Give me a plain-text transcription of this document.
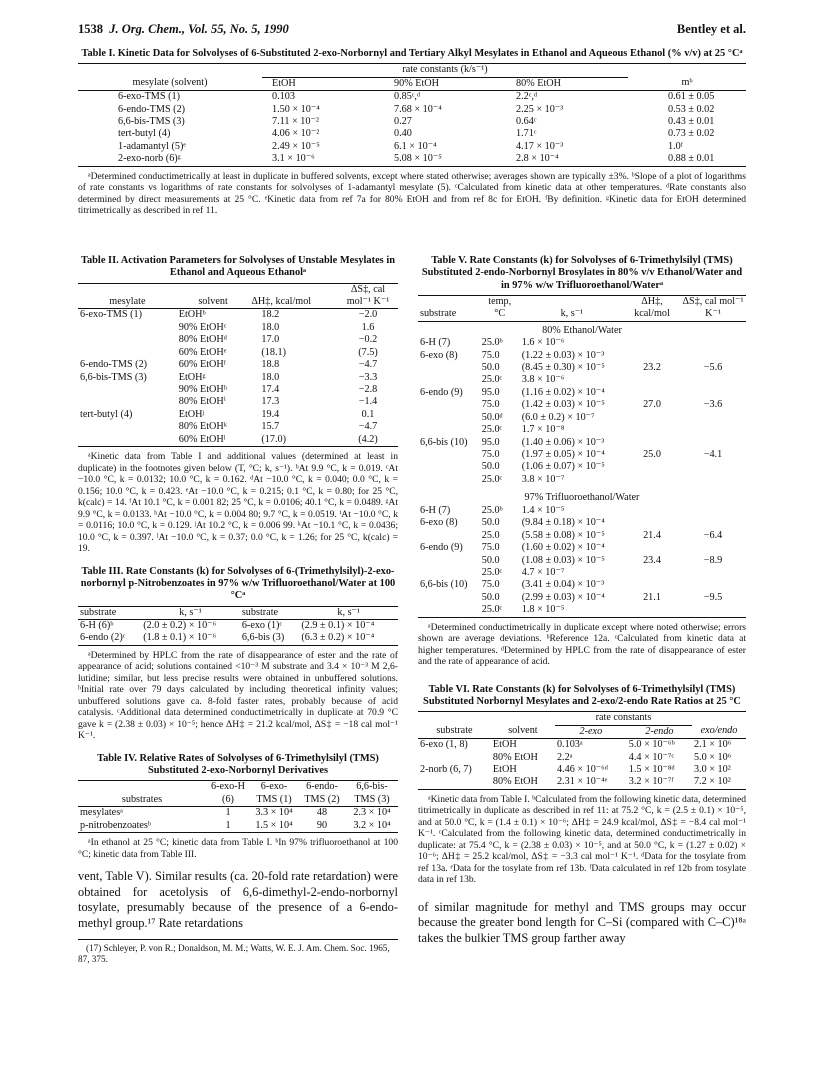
1538 J. Org. Chem., Vol. 55, No. 5, 1990	Bentley et al.
Table I. Kinetic Data for Solvolyses of 6-Substituted 2-exo-Norbornyl and Tertiary Alkyl Mesylates in Ethanol and Aqueous Ethanol (% v/v) at 25 °Cᵃ
	rate constants (k/s⁻¹)			
mesylate (solvent)	EtOH	90% EtOH	80% EtOH	mᵇ
6-exo-TMS (1)	0.103	0.85ᶜ,ᵈ	2.2ᶜ,ᵈ	0.61 ± 0.05
6-endo-TMS (2)	1.50 × 10⁻⁴	7.68 × 10⁻⁴	2.25 × 10⁻³	0.53 ± 0.02
6,6-bis-TMS (3)	7.11 × 10⁻²	0.27	0.64ᶜ	0.43 ± 0.01
tert-butyl (4)	4.06 × 10⁻²	0.40	1.71ᶜ	0.73 ± 0.02
1-adamantyl (5)ᵉ	2.49 × 10⁻⁵	6.1 × 10⁻⁴	4.17 × 10⁻³	1.0ᶠ
2-exo-norb (6)ᵍ	3.1 × 10⁻⁶	5.08 × 10⁻⁵	2.8 × 10⁻⁴	0.88 ± 0.01
ᵃDetermined conductimetrically at least in duplicate in buffered solvents, except where stated otherwise; averages shown are typically ±3%. ᵇSlope of a plot of logarithms of rate constants vs logarithms of rate constants for solvolyses of 1-adamantyl mesylate (5). ᶜCalculated from kinetic data at other temperatures. ᵈRate constants also determined by direct measurements at 25 °C. ᵉKinetic data from ref 7a for 80% EtOH and from ref 8c for EtOH. ᶠBy definition. ᵍKinetic data for EtOH determined titrimetrically as described in ref 11.
Table II. Activation Parameters for Solvolyses of Unstable Mesylates in Ethanol and Aqueous Ethanolᵃ
mesylate	solvent	ΔH‡, kcal/mol	ΔS‡, cal mol⁻¹ K⁻¹
6-exo-TMS (1)	EtOHᵇ	18.2	−2.0
	90% EtOHᶜ	18.0	1.6
	80% EtOHᵈ	17.0	−0.2
	60% EtOHᵉ	(18.1)	(7.5)
6-endo-TMS (2)	60% EtOHᶠ	18.8	−4.7
6,6-bis-TMS (3)	EtOHᵍ	18.0	−3.3
	90% EtOHʰ	17.4	−2.8
	80% EtOHⁱ	17.3	−1.4
tert-butyl (4)	EtOHʲ	19.4	0.1
	80% EtOHᵏ	15.7	−4.7
	60% EtOHˡ	(17.0)	(4.2)
ᵃKinetic data from Table I and additional values (determined at least in duplicate) in the footnotes given below (T, °C; k, s⁻¹). ᵇAt 9.9 °C, k = 0.019. ᶜAt −10.0 °C, k = 0.0132; 10.0 °C, k = 0.162. ᵈAt −10.0 °C, k = 0.040; 0.0 °C, k = 0.156; 10.0 °C, k = 0.423. ᵉAt −10.0 °C, k = 0.215; 0.1 °C, k = 0.80; for 25 °C, k(calc) = 14. ᶠAt 10.1 °C, k = 0.001 82; 25 °C, k = 0.0106; 40.1 °C, k = 0.0489. ᵍAt 9.9 °C, k = 0.0133. ʰAt −10.0 °C, k = 0.004 80; 9.7 °C, k = 0.0519. ⁱAt −10.0 °C, k = 0.0116; 10.0 °C, k = 0.129. ʲAt 10.2 °C, k = 0.006 99. ᵏAt −10.1 °C, k = 0.0436; 10.0 °C, k = 0.397. ˡAt −10.0 °C, k = 0.37; 0.0 °C, k = 1.26; for 25 °C, k(calc) = 19.
Table III. Rate Constants (k) for Solvolyses of 6-(Trimethylsilyl)-2-exo-norbornyl p-Nitrobenzoates in 97% w/w Trifluoroethanol/Water at 100 °Cᵃ
substrate	k, s⁻¹	substrate	k, s⁻¹
6-H (6)ᵇ	(2.0 ± 0.2) × 10⁻⁶	6-exo (1)ᶜ	(2.9 ± 0.1) × 10⁻⁴
6-endo (2)ᶜ	(1.8 ± 0.1) × 10⁻⁶	6,6-bis (3)	(6.3 ± 0.2) × 10⁻⁴
ᵃDetermined by HPLC from the rate of disappearance of ester and the rate of appearance of acid; solutions contained <10⁻³ M substrate and 3.4 × 10⁻³ M 2,6-lutidine; similar, but less precise results were obtained in unbuffered solutions. ᵇInitial rate over 79 days calculated by including theoretical infinity values; unbuffered solutions gave ca. 8-fold faster rates, probably because of acid catalysis. ᶜAdditional data determined conductimetrically in duplicate at 70.9 °C gave k = (2.38 ± 0.03) × 10⁻⁵; hence ΔH‡ = 21.2 kcal/mol, ΔS‡ = −18 cal mol⁻¹ K⁻¹.
Table IV. Relative Rates of Solvolyses of 6-Trimethylsilyl (TMS) Substituted 2-exo-Norbornyl Derivatives
substrates	6-exo-H (6)	6-exo-TMS (1)	6-endo-TMS (2)	6,6-bis-TMS (3)
mesylatesᵃ	1	3.3 × 10⁴	48	2.3 × 10⁴
p-nitrobenzoatesᵇ	1	1.5 × 10⁴	90	3.2 × 10⁴
ᵃIn ethanol at 25 °C; kinetic data from Table I. ᵇIn 97% trifluoroethanol at 100 °C; kinetic data from Table III.
vent, Table V). Similar results (ca. 20-fold rate retardation) were obtained for acetolysis of 6,6-dimethyl-2-endo-norbornyl tosylate, presumably because of the presence of a 6-endo-methyl group.¹⁷ Rate retardations
(17) Schleyer, P. von R.; Donaldson, M. M.; Watts, W. E. J. Am. Chem. Soc. 1965, 87, 375.
Table V. Rate Constants (k) for Solvolyses of 6-Trimethylsilyl (TMS) Substituted 2-endo-Norbornyl Brosylates in 80% v/v Ethanol/Water and in 97% w/w Trifluoroethanol/Waterᵃ
substrate	temp, °C	k, s⁻¹	ΔH‡, kcal/mol	ΔS‡, cal mol⁻¹ K⁻¹
80% Ethanol/Water				
6-H (7)	25.0ᵇ	1.6 × 10⁻⁶		
6-exo (8)	75.0	(1.22 ± 0.03) × 10⁻³		
	50.0	(8.45 ± 0.30) × 10⁻⁵	23.2	−5.6
	25.0ᶜ	3.8 × 10⁻⁶		
6-endo (9)	95.0	(1.16 ± 0.02) × 10⁻⁴		
	75.0	(1.42 ± 0.03) × 10⁻⁵	27.0	−3.6
	50.0ᵈ	(6.0 ± 0.2) × 10⁻⁷		
	25.0ᶜ	1.7 × 10⁻⁸		
6,6-bis (10)	95.0	(1.40 ± 0.06) × 10⁻³		
	75.0	(1.97 ± 0.05) × 10⁻⁴	25.0	−4.1
	50.0	(1.06 ± 0.07) × 10⁻⁵		
	25.0ᶜ	3.8 × 10⁻⁷		
97% Trifluoroethanol/Water				
6-H (7)	25.0ᵇ	1.4 × 10⁻⁵		
6-exo (8)	50.0	(9.84 ± 0.18) × 10⁻⁴		
	25.0	(5.58 ± 0.08) × 10⁻⁵	21.4	−6.4
6-endo (9)	75.0	(1.60 ± 0.02) × 10⁻⁴		
	50.0	(1.08 ± 0.03) × 10⁻⁵	23.4	−8.9
	25.0ᶜ	4.7 × 10⁻⁷		
6,6-bis (10)	75.0	(3.41 ± 0.04) × 10⁻³		
	50.0	(2.99 ± 0.03) × 10⁻⁴	21.1	−9.5
	25.0ᶜ	1.8 × 10⁻⁵		
ᵃDetermined conductimetrically in duplicate except where noted otherwise; errors shown are average deviations. ᵇReference 12a. ᶜCalculated from kinetic data at higher temperatures. ᵈDetermined by HPLC from the rate of disappearance of ester and the rate of appearance of acid.
Table VI. Rate Constants (k) for Solvolyses of 6-Trimethylsilyl (TMS) Substituted Norbornyl Mesylates and 2-exo/2-endo Rate Ratios at 25 °C
		rate constants		
substrate	solvent	2-exo	2-endo	exo/endo
6-exo (1, 8)	EtOH	0.103ᵃ	5.0 × 10⁻⁶ᵇ	2.1 × 10⁶
	80% EtOH	2.2ᵃ	4.4 × 10⁻⁷ᶜ	5.0 × 10⁶
2-norb (6, 7)	EtOH	4.46 × 10⁻⁶ᵈ	1.5 × 10⁻⁸ᵈ	3.0 × 10²
	80% EtOH	2.31 × 10⁻⁴ᵉ	3.2 × 10⁻⁷ᶠ	7.2 × 10²
ᵃKinetic data from Table I. ᵇCalculated from the following kinetic data, determined titrimetrically in duplicate as described in ref 11: at 75.2 °C, k = (2.5 ± 0.1) × 10⁻⁵, and at 50.0 °C, k = (1.4 ± 0.1) × 10⁻⁶; ΔH‡ = 24.9 kcal/mol, ΔS‡ = −8.4 cal mol⁻¹ K⁻¹. ᶜCalculated from the following kinetic data, determined conductimetrically in duplicate: at 75.4 °C, k = (2.38 ± 0.03) × 10⁻⁵, and at 50.0 °C, k = (1.27 ± 0.02) × 10⁻⁶; ΔH‡ = 25.2 kcal/mol, ΔS‡ = −3.3 cal mol⁻¹ K⁻¹. ᵈData for the tosylate from ref 13a. ᵉData for the tosylate from ref 13b. ᶠData calculated in ref 12b from tosylate data in ref 13b.
of similar magnitude for methyl and TMS groups may occur because the greater bond length for C–Si (compared with C–C)¹⁸ᵃ takes the bulkier TMS group farther away
